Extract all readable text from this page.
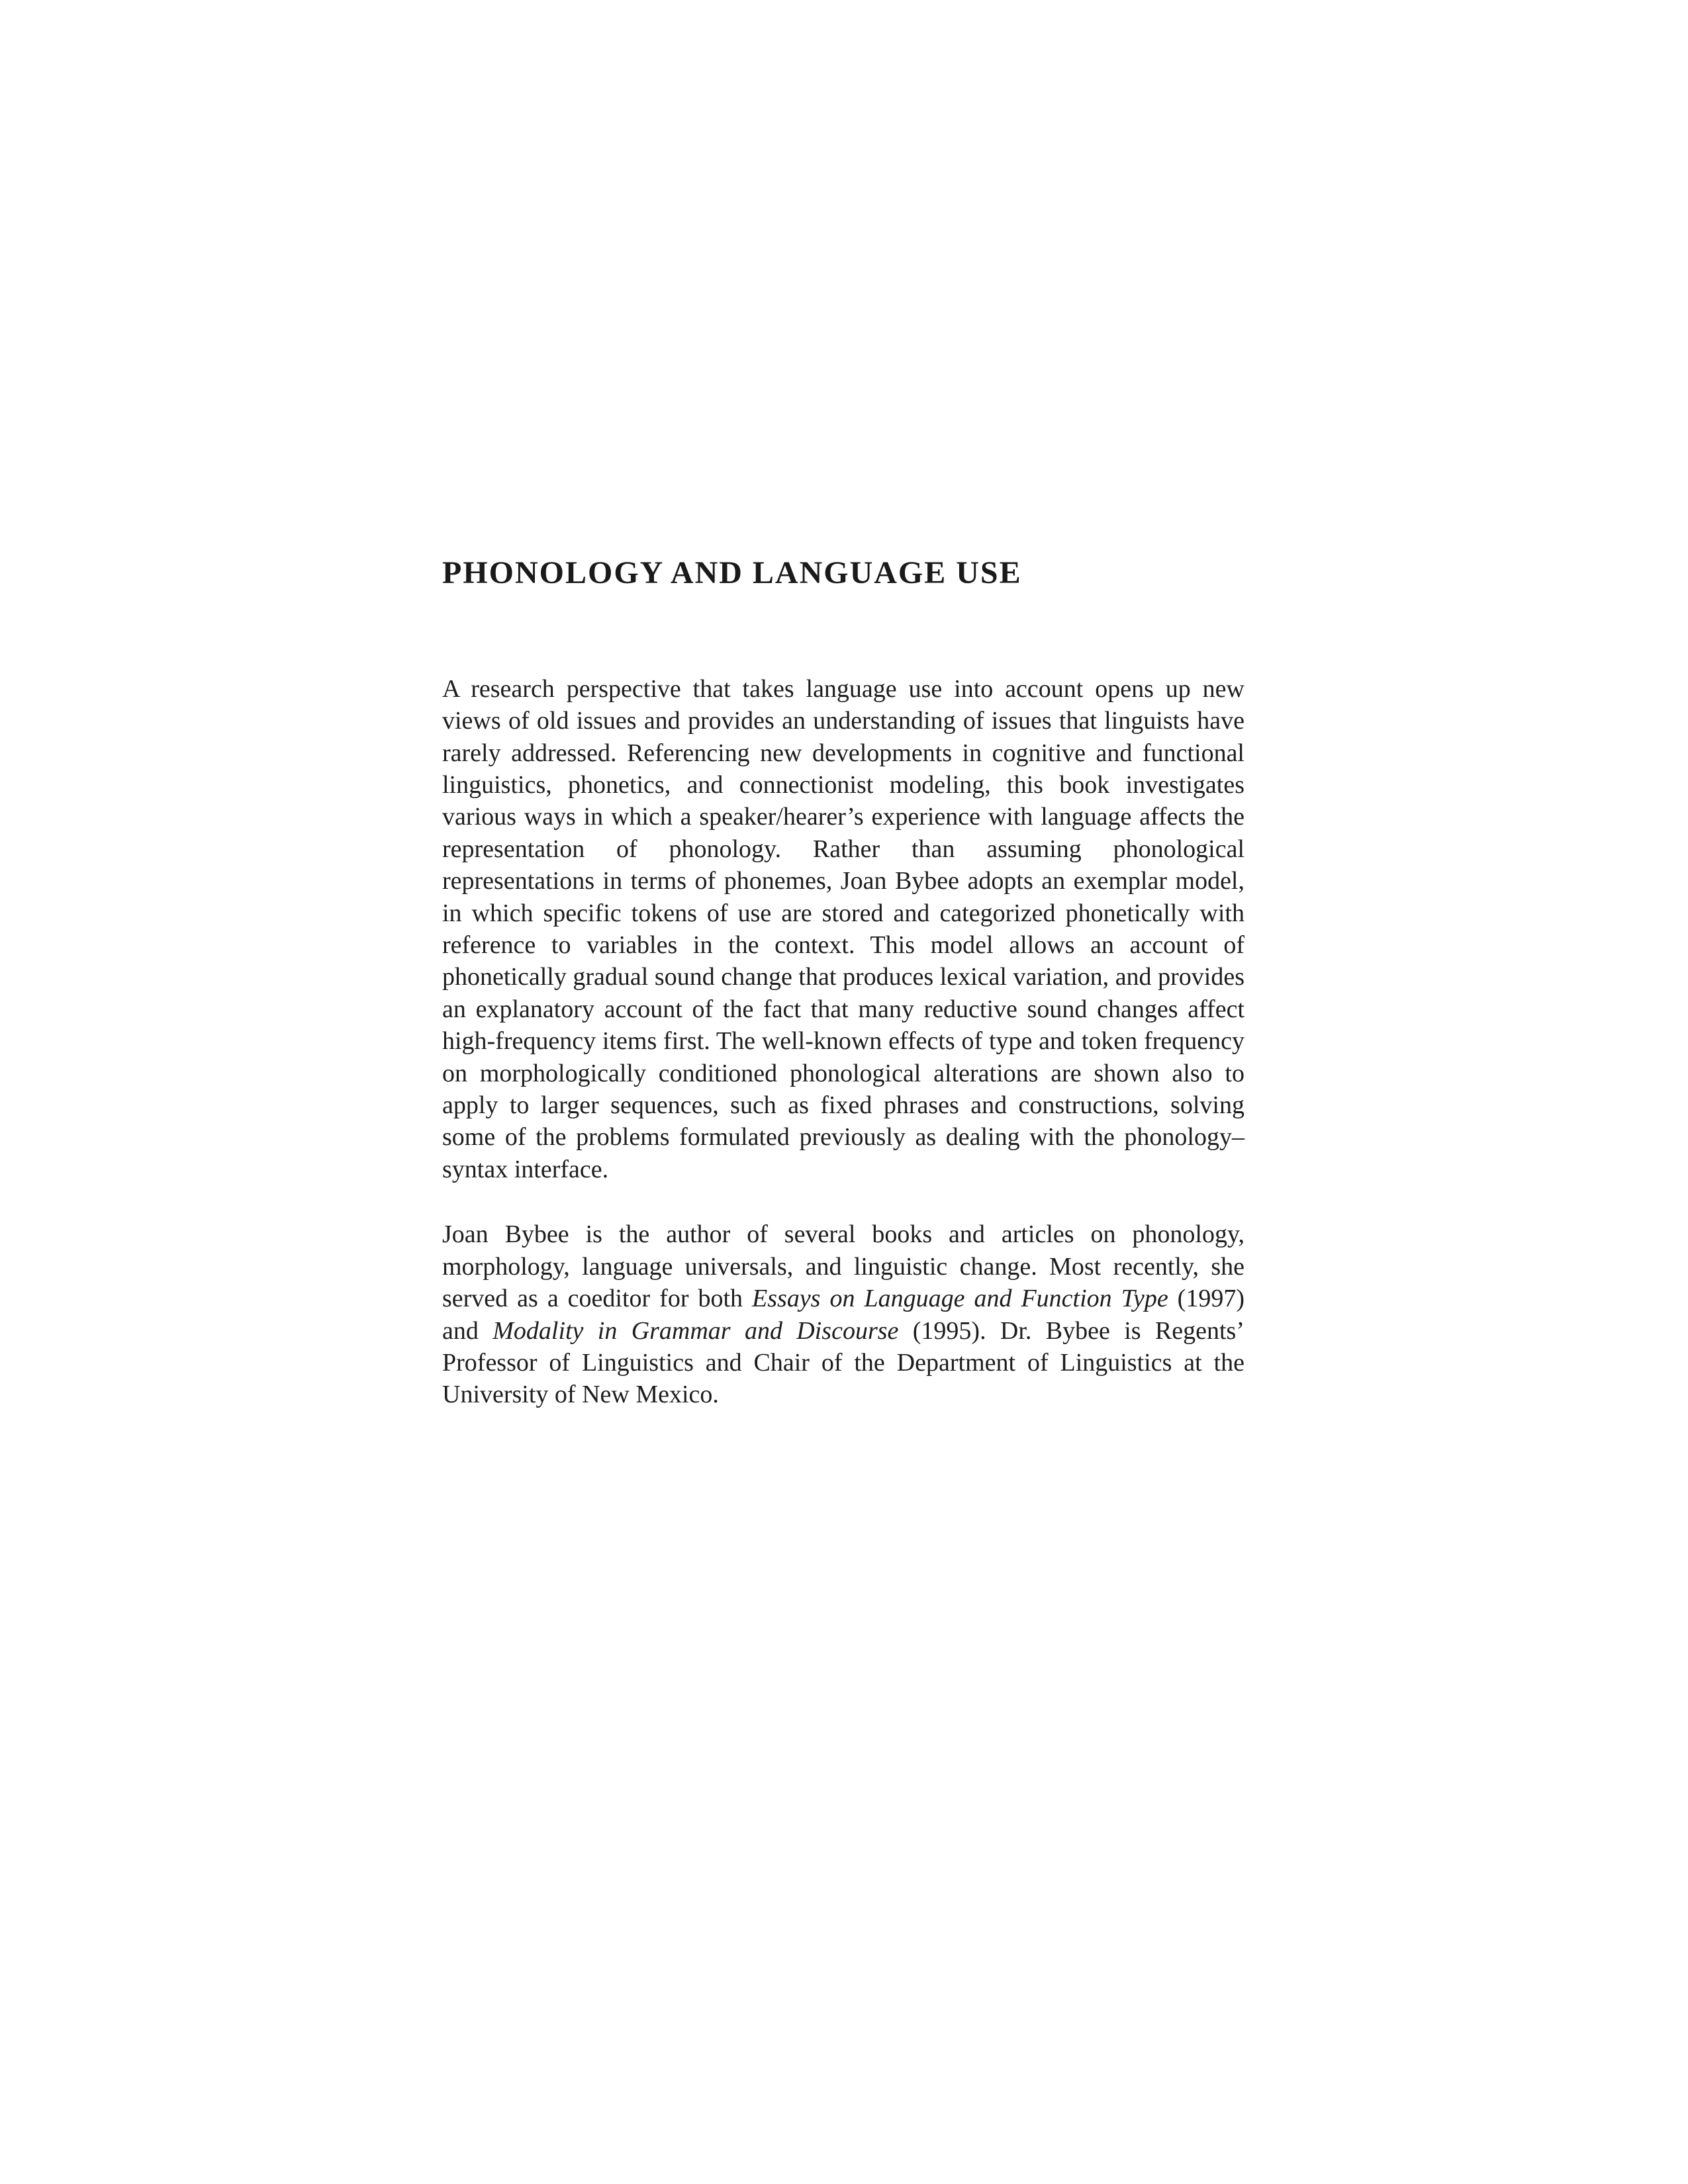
PHONOLOGY AND LANGUAGE USE

A research perspective that takes language use into account opens up new views of old issues and provides an understanding of issues that linguists have rarely addressed. Referencing new developments in cognitive and functional linguistics, phonetics, and connectionist modeling, this book investigates various ways in which a speaker/hearer’s experience with language affects the representation of phonology. Rather than assuming phonological representations in terms of phonemes, Joan Bybee adopts an exemplar model, in which specific tokens of use are stored and categorized phonetically with reference to variables in the context. This model allows an account of phonetically gradual sound change that produces lexical variation, and provides an explanatory account of the fact that many reductive sound changes affect high-frequency items first. The well-known effects of type and token frequency on morphologically conditioned phonological alterations are shown also to apply to larger sequences, such as fixed phrases and constructions, solving some of the problems formulated previously as dealing with the phonology–syntax interface.

Joan Bybee is the author of several books and articles on phonology, morphology, language universals, and linguistic change. Most recently, she served as a coeditor for both Essays on Language and Function Type (1997) and Modality in Grammar and Discourse (1995). Dr. Bybee is Regents’ Professor of Linguistics and Chair of the Department of Linguistics at the University of New Mexico.
